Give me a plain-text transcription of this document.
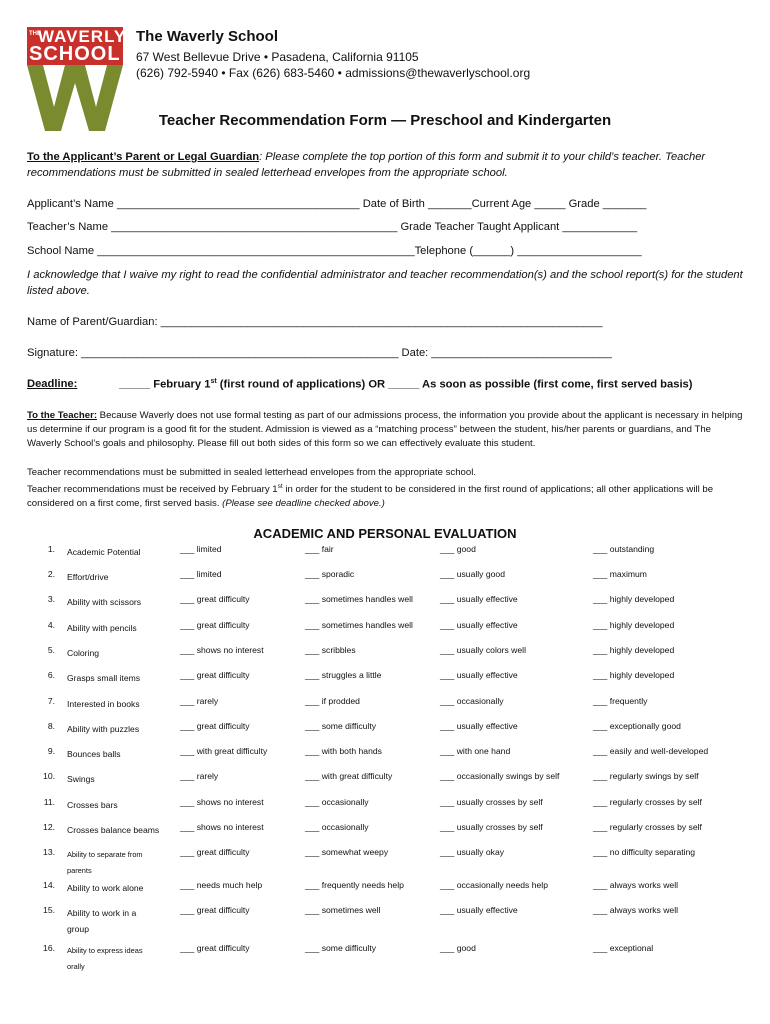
THE
WAVERLY
SCHOOL
The Waverly School
67 West Bellevue Drive • Pasadena, California 91105
(626) 792-5940 • Fax (626) 683-5460 • admissions@thewaverlyschool.org
Teacher Recommendation Form — Preschool and Kindergarten
To the Applicant’s Parent or Legal Guardian: Please complete the top portion of this form and submit it to your child’s teacher. Teacher recommendations must be submitted in sealed letterhead envelopes from the appropriate school.
Applicant’s Name _______________________________________ Date of Birth _______Current Age _____ Grade _______
Teacher’s Name ______________________________________________ Grade Teacher Taught Applicant ____________
School Name ___________________________________________________Telephone (______) ____________________
I acknowledge that I waive my right to read the confidential administrator and teacher recommendation(s) and the school report(s) for the student listed above.
Name of Parent/Guardian: _______________________________________________________________________
Signature: ___________________________________________________ Date: _____________________________
Deadline:	_____ February 1st (first round of applications) OR _____ As soon as possible (first come, first served basis)
To the Teacher: Because Waverly does not use formal testing as part of our admissions process, the information you provide about the applicant is necessary in helping us determine if our program is a good fit for the student. Admission is viewed as a “matching process” between the student, his/her parents or guardians, and The Waverly School’s goals and philosophy. Please fill out both sides of this form so we can effectively evaluate this student.
Teacher recommendations must be submitted in sealed letterhead envelopes from the appropriate school.
Teacher recommendations must be received by February 1st in order for the student to be considered in the first round of applications; all other applications will be considered on a first come, first served basis. (Please see deadline checked above.)
ACADEMIC AND PERSONAL EVALUATION
1. Academic Potential	___ limited	___ fair	___ good	___ outstanding
2. Effort/drive	___ limited	___ sporadic	___ usually good	___ maximum
3. Ability with scissors	___ great difficulty	___ sometimes handles well	___ usually effective	___ highly developed
4. Ability with pencils	___ great difficulty	___ sometimes handles well	___ usually effective	___ highly developed
5. Coloring	___ shows no interest	___ scribbles	___ usually colors well	___ highly developed
6. Grasps small items	___ great difficulty	___ struggles a little	___ usually effective	___ highly developed
7. Interested in books	___ rarely	___ if prodded	___ occasionally	___ frequently
8. Ability with puzzles	___ great difficulty	___ some difficulty	___ usually effective	___ exceptionally good
9. Bounces balls	___ with great difficulty	___ with both hands	___ with one hand	___ easily and well-developed
10. Swings	___ rarely	___ with great difficulty	___ occasionally swings by self	___ regularly swings by self
11. Crosses bars	___ shows no interest	___ occasionally	___ usually crosses by self	___ regularly crosses by self
12. Crosses balance beams	___ shows no interest	___ occasionally	___ usually crosses by self	___ regularly crosses by self
13. Ability to separate from parents
___ great difficulty	___ somewhat weepy	___ usually okay	___ no difficulty separating
14. Ability to work alone	___ needs much help	___ frequently needs help	___ occasionally needs help	___ always works well
15. Ability to work in a group
___ great difficulty	___ sometimes well	___ usually effective	___ always works well
16. Ability to express ideas orally
___ great difficulty	___ some difficulty	___ good	___ exceptional
